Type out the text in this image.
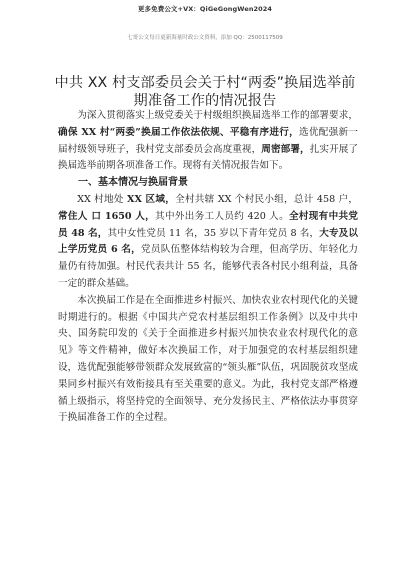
更多免费公文+VX：QiGeGongWen2024
七哥公文每日更新海量时政公文资料，添加 QQ：2500117509
中共 XX 村支部委员会关于村“两委”换届选举前期准备工作的情况报告

为深入贯彻落实上级党委关于村级组织换届选举工作的部署要求，确保 XX 村“两委”换届工作依法依规、平稳有序进行，选优配强新一届村级领导班子，我村党支部委员会高度重视，周密部署，扎实开展了换届选举前期各项准备工作。现将有关情况报告如下。

一、基本情况与换届背景

XX 村地处 XX 区域，全村共辖 XX 个村民小组，总计 458 户，常住人 口 1650 人，其中外出务工人员约 420 人。全村现有中共党员 48 名，其中女性党员 11 名，35 岁以下青年党员 8 名，大专及以上学历党员 6 名，党员队伍整体结构较为合理，但高学历、年轻化力量仍有待加强。村民代表共计 55 名，能够代表各村民小组利益，具备一定的群众基础。

本次换届工作是在全面推进乡村振兴、加快农业农村现代化的关键时期进行的。根据《中国共产党农村基层组织工作条例》以及中共中央、国务院印发的《关于全面推进乡村振兴加快农业农村现代化的意见》等文件精神，做好本次换届工作，对于加强党的农村基层组织建设，选优配强能够带领群众发展致富的“领头雁”队伍，巩固脱贫攻坚成果同乡村振兴有效衔接具有至关重要的意义。为此，我村党支部严格遵循上级指示，将坚持党的全面领导、充分发扬民主、严格依法办事贯穿于换届准备工作的全过程。
